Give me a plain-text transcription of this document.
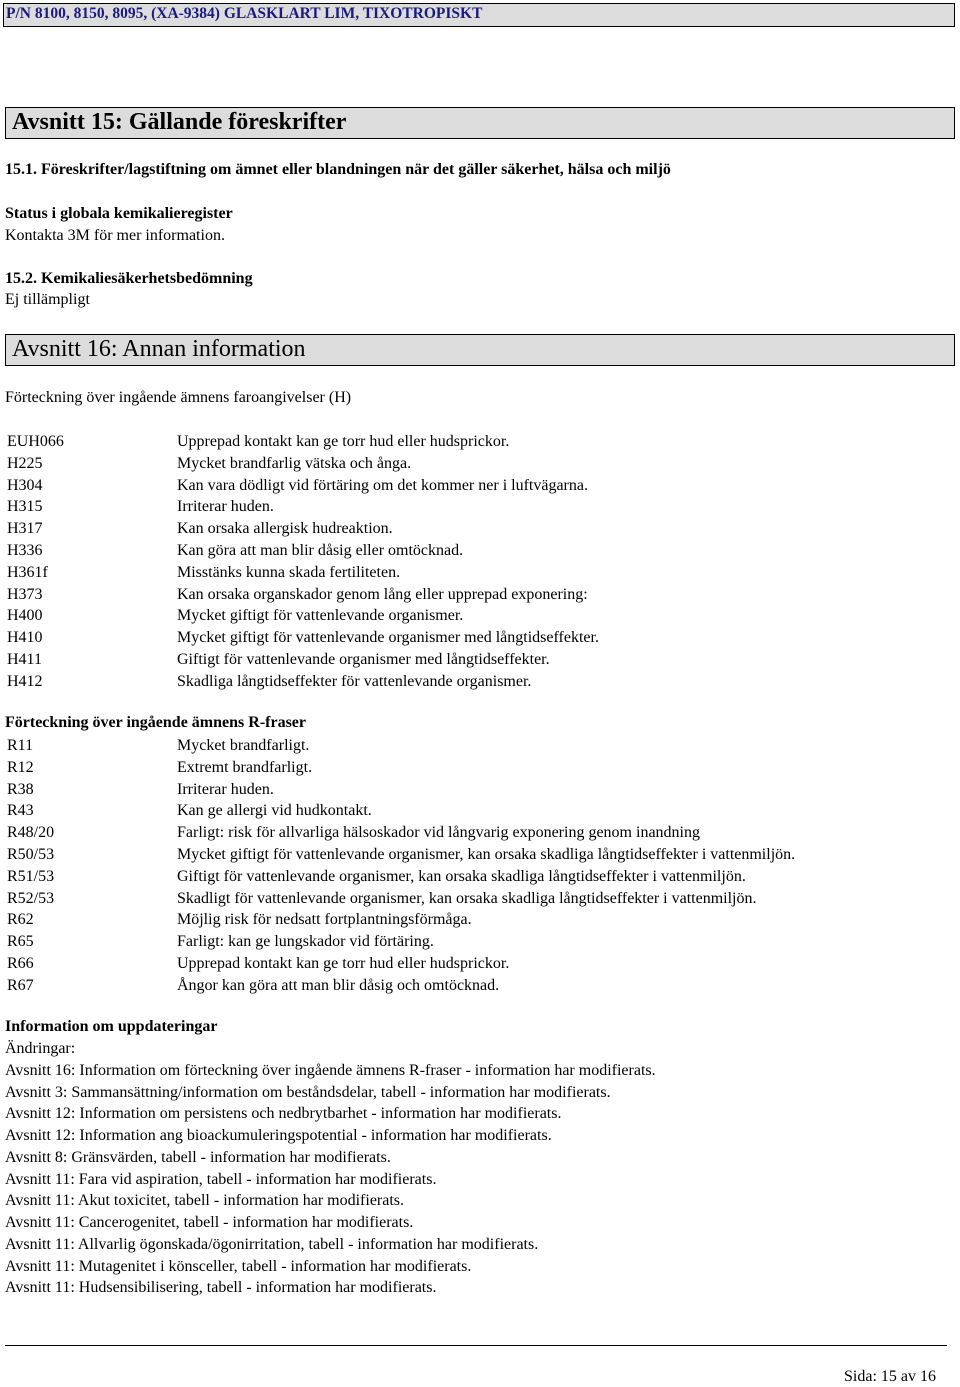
P/N 8100, 8150, 8095, (XA-9384) GLASKLART LIM, TIXOTROPISKT
Avsnitt 15: Gällande föreskrifter
15.1. Föreskrifter/lagstiftning om ämnet eller blandningen när det gäller säkerhet, hälsa och miljö
Status i globala kemikalieregister
Kontakta 3M för mer information.
15.2. Kemikaliesäkerhetsbedömning
Ej tillämpligt
Avsnitt 16: Annan information
Förteckning över ingående ämnens faroangivelser (H)
EUH066	Upprepad kontakt kan ge torr hud eller hudsprickor.
H225	Mycket brandfarlig vätska och ånga.
H304	Kan vara dödligt vid förtäring om det kommer ner i luftvägarna.
H315	Irriterar huden.
H317	Kan orsaka allergisk hudreaktion.
H336	Kan göra att man blir dåsig eller omtöcknad.
H361f	Misstänks kunna skada fertiliteten.
H373	Kan orsaka organskador genom lång eller upprepad exponering:
H400	Mycket giftigt för vattenlevande organismer.
H410	Mycket giftigt för vattenlevande organismer med långtidseffekter.
H411	Giftigt för vattenlevande organismer med långtidseffekter.
H412	Skadliga långtidseffekter för vattenlevande organismer.
Förteckning över ingående ämnens R-fraser
R11	Mycket brandfarligt.
R12	Extremt brandfarligt.
R38	Irriterar huden.
R43	Kan ge allergi vid hudkontakt.
R48/20	Farligt: risk för allvarliga hälsoskador vid långvarig exponering genom inandning
R50/53	Mycket giftigt för vattenlevande organismer, kan orsaka skadliga långtidseffekter i vattenmiljön.
R51/53	Giftigt för vattenlevande organismer, kan orsaka skadliga långtidseffekter i vattenmiljön.
R52/53	Skadligt för vattenlevande organismer, kan orsaka skadliga långtidseffekter i vattenmiljön.
R62	Möjlig risk för nedsatt fortplantningsförmåga.
R65	Farligt: kan ge lungskador vid förtäring.
R66	Upprepad kontakt kan ge torr hud eller hudsprickor.
R67	Ångor kan göra att man blir dåsig och omtöcknad.
Information om uppdateringar
Ändringar:
Avsnitt 16: Information om förteckning över ingående ämnens R-fraser - information har modifierats.
Avsnitt 3: Sammansättning/information om beståndsdelar, tabell - information har modifierats.
Avsnitt 12: Information om persistens och nedbrytbarhet - information har modifierats.
Avsnitt 12: Information ang bioackumuleringspotential - information har modifierats.
Avsnitt 8: Gränsvärden, tabell - information har modifierats.
Avsnitt 11: Fara vid aspiration, tabell - information har modifierats.
Avsnitt 11: Akut toxicitet, tabell - information har modifierats.
Avsnitt 11: Cancerogenitet, tabell - information har modifierats.
Avsnitt 11: Allvarlig ögonskada/ögonirritation, tabell - information har modifierats.
Avsnitt 11: Mutagenitet i könsceller, tabell - information har modifierats.
Avsnitt 11: Hudsensibilisering, tabell - information har modifierats.
Sida: 15 av 16
